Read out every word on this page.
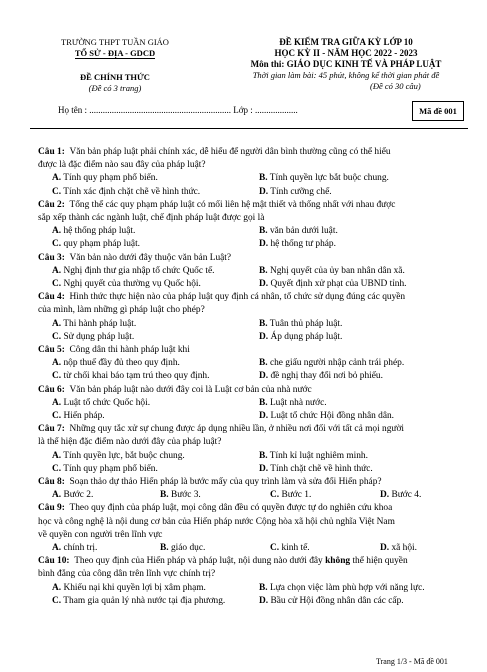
TRƯỜNG THPT TUẦN GIÁO
TỔ SỬ - ĐỊA - GDCD
ĐỀ CHÍNH THỨC
(Đề có 3 trang)
ĐỀ KIỂM TRA GIỮA KỲ LỚP 10
HỌC KỲ II - NĂM HỌC 2022 - 2023
Môn thi: GIÁO DỤC KINH TẾ VÀ PHÁP LUẬT
Thời gian làm bài: 45 phút, không kể thời gian phát đề
(Đề có 30 câu)
Họ tên : ............................................................... Lớp : ...................	Mã đề 001
Câu 1: Văn bản pháp luật phải chính xác, dễ hiểu để người dân bình thường cũng có thể hiểu
được là đặc điểm nào sau đây của pháp luật?
A. Tính quy phạm phổ biến.	B. Tính quyền lực bắt buộc chung.
C. Tính xác định chặt chẽ về hình thức.	D. Tính cưỡng chế.
Câu 2: Tổng thể các quy phạm pháp luật có mối liên hệ mật thiết và thống nhất với nhau được
sắp xếp thành các ngành luật, chế định pháp luật được gọi là
A. hệ thống pháp luật.	B. văn bản dưới luật.
C. quy phạm pháp luật.	D. hệ thống tư pháp.
Câu 3: Văn bản nào dưới đây thuộc văn bản Luật?
A. Nghị định thư gia nhập tổ chức Quốc tế.	B. Nghị quyết của ủy ban nhân dân xã.
C. Nghị quyết của thường vụ Quốc hội.	D. Quyết định xử phạt của UBND tỉnh.
Câu 4: Hình thức thực hiện nào của pháp luật quy định cá nhân, tổ chức sử dụng đúng các quyền
của mình, làm những gì pháp luật cho phép?
A. Thi hành pháp luật.	B. Tuân thủ pháp luật.
C. Sử dụng pháp luật.	D. Áp dụng pháp luật.
Câu 5: Công dân thi hành pháp luật khi
A. nộp thuế đầy đủ theo quy định.	B. che giấu người nhập cảnh trái phép.
C. từ chối khai báo tạm trú theo quy định.	D. đề nghị thay đổi nơi bỏ phiếu.
Câu 6: Văn bản pháp luật nào dưới đây coi là Luật cơ bản của nhà nước
A. Luật tổ chức Quốc hội.	B. Luật nhà nước.
C. Hiến pháp.	D. Luật tổ chức Hội đồng nhân dân.
Câu 7: Những quy tắc xử sự chung được áp dụng nhiều lần, ở nhiều nơi đối với tất cả mọi người
là thể hiện đặc điểm nào dưới đây của pháp luật?
A. Tính quyền lực, bắt buộc chung.	B. Tính kỉ luật nghiêm minh.
C. Tính quy phạm phổ biến.	D. Tính chặt chẽ về hình thức.
Câu 8: Soạn thảo dự thảo Hiến pháp là bước mấy của quy trình làm và sửa đổi Hiến pháp?
A. Bước 2.	B. Bước 3.	C. Bước 1.	D. Bước 4.
Câu 9: Theo quy định của pháp luật, mọi công dân đều có quyền được tự do nghiên cứu khoa
học và công nghệ là nội dung cơ bản của Hiến pháp nước Cộng hòa xã hội chủ nghĩa Việt Nam
về quyền con người trên lĩnh vực
A. chính trị.	B. giáo dục.	C. kinh tế.	D. xã hội.
Câu 10: Theo quy định của Hiến pháp và pháp luật, nội dung nào dưới đây không thể hiện quyền
bình đẳng của công dân trên lĩnh vực chính trị?
A. Khiếu nại khi quyền lợi bị xâm phạm.	B. Lựa chọn việc làm phù hợp với năng lực.
C. Tham gia quản lý nhà nước tại địa phương.	D. Bầu cử Hội đồng nhân dân các cấp.
Trang 1/3 - Mã đề 001
